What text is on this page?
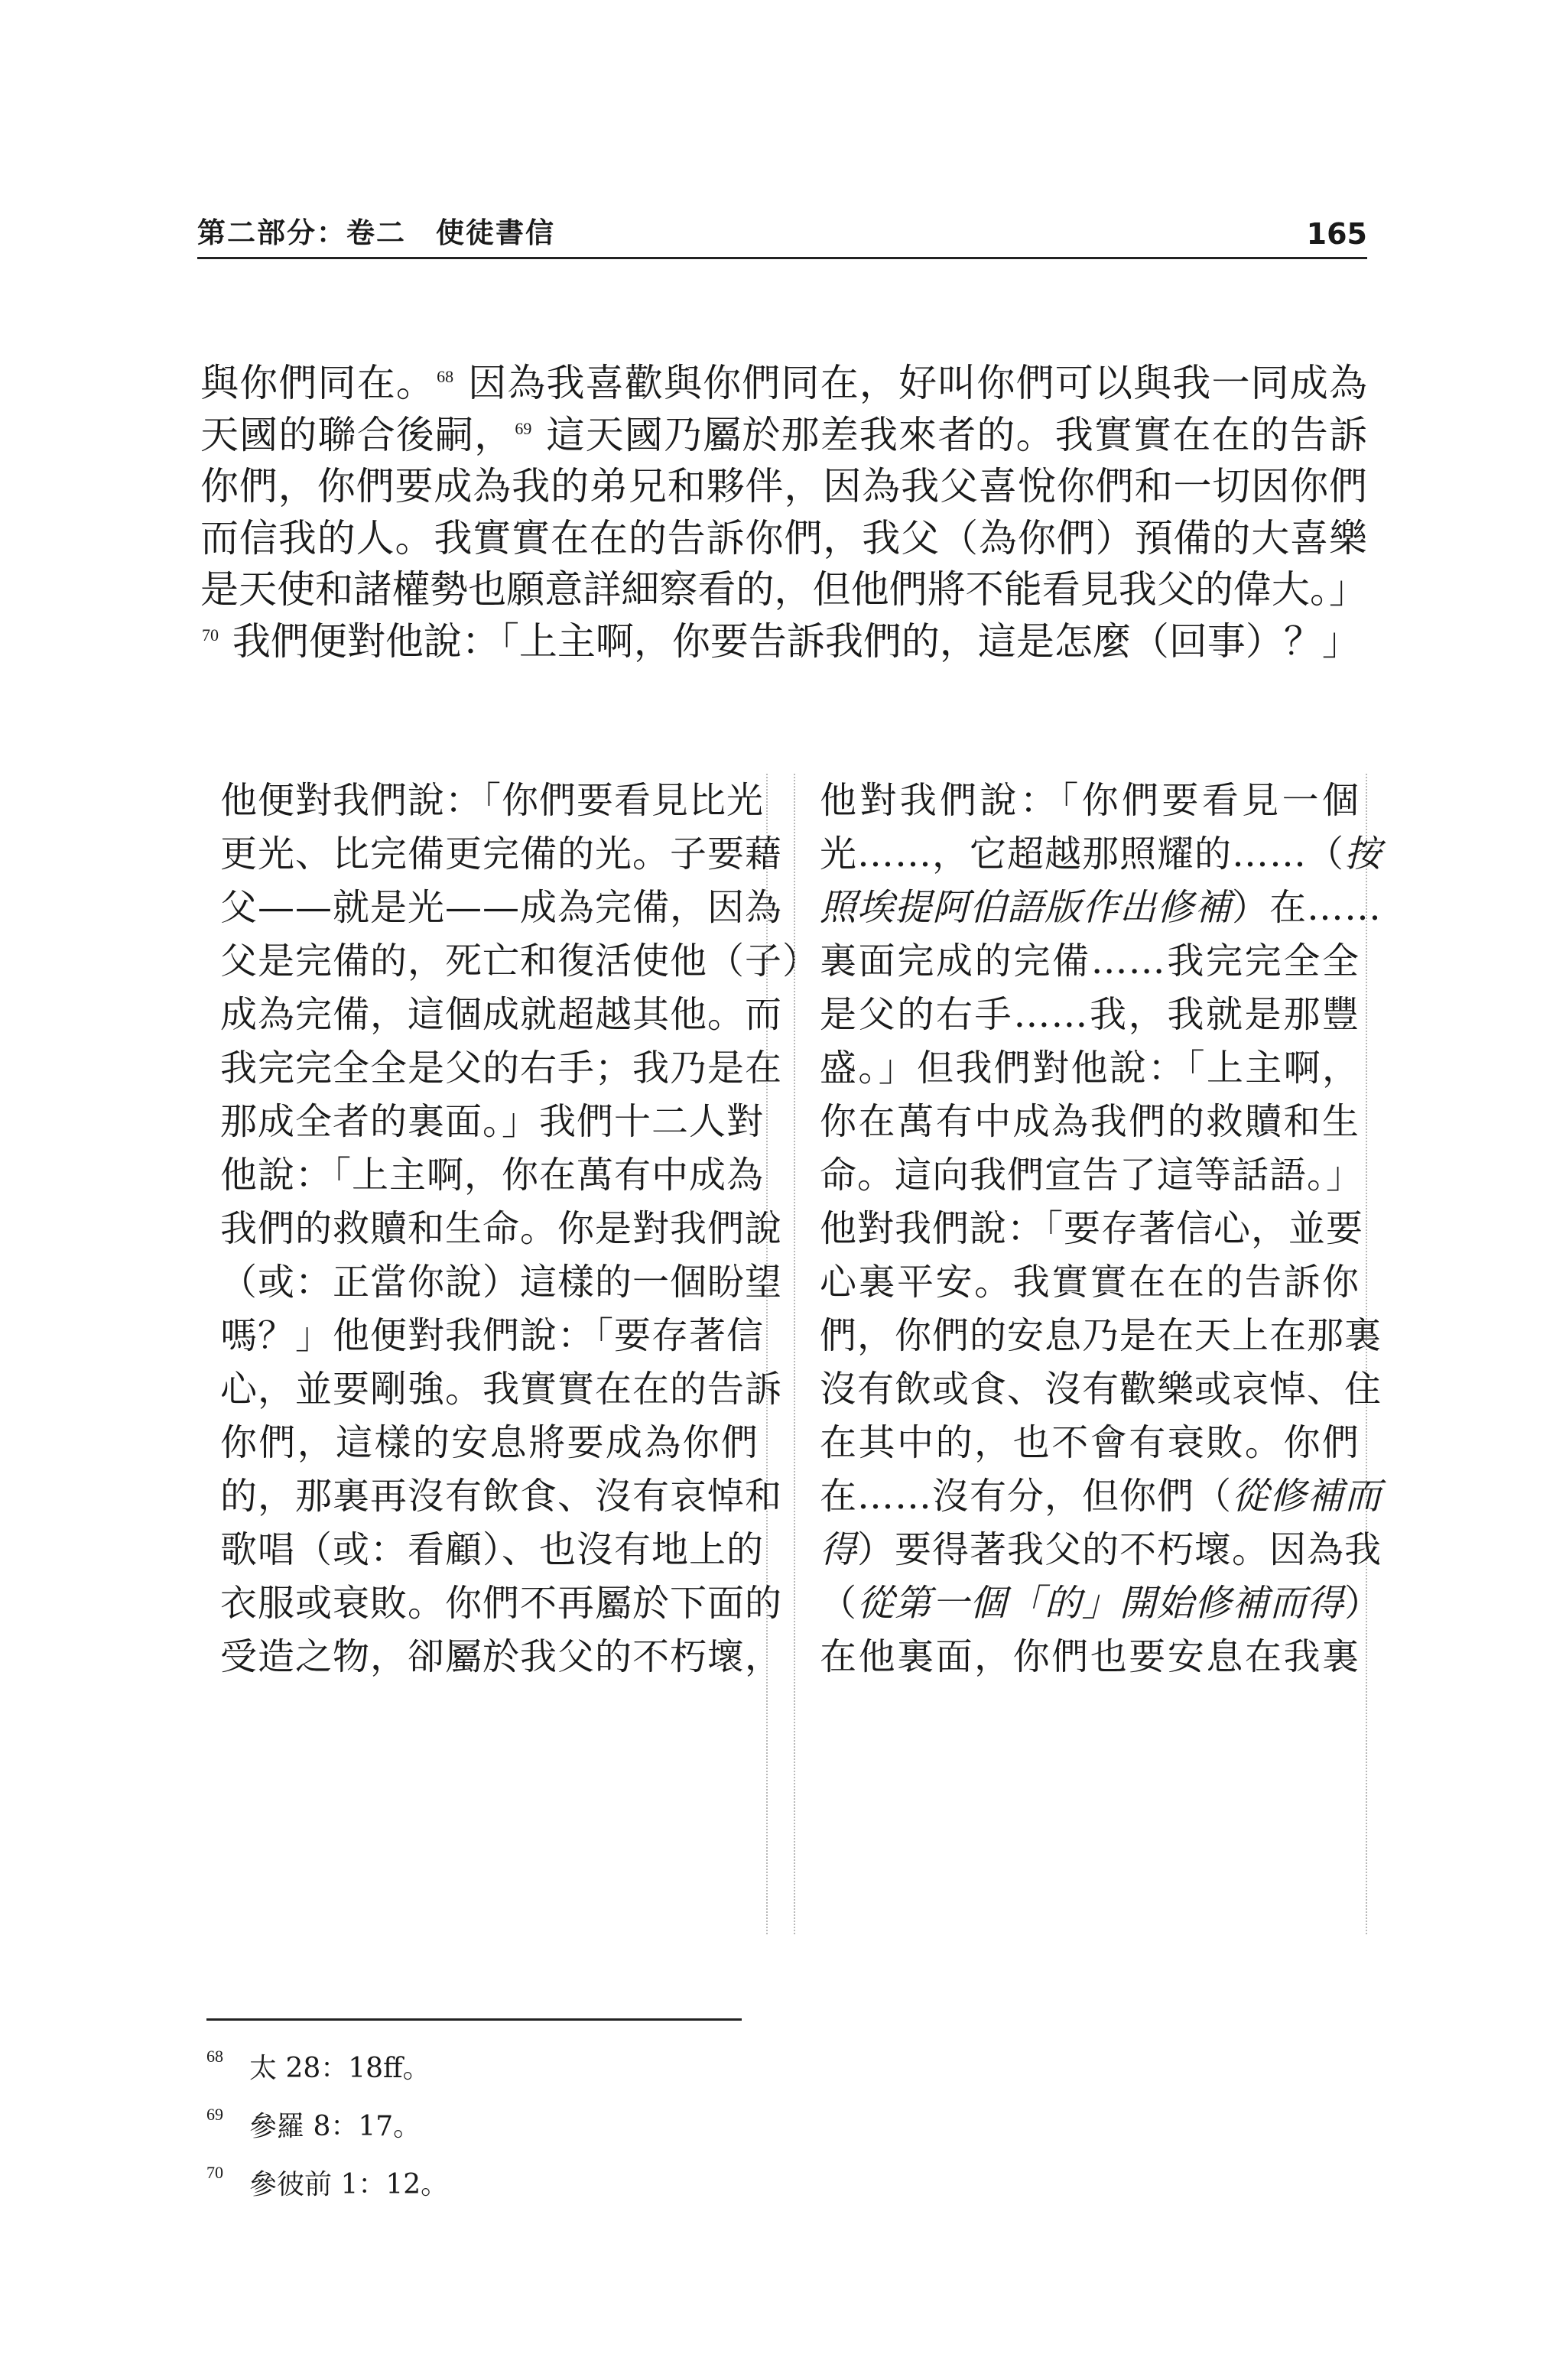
第二部分：卷二　使徒書信	165

與你們同在。$^{68}$ 因為我喜歡與你們同在，好叫你們可以與我一同成為天國的聯合後嗣，$^{69}$ 這天國乃屬於那差我來者的。我實實在在的告訴你們，你們要成為我的弟兄和夥伴，因為我父喜悅你們和一切因你們而信我的人。我實實在在的告訴你們，我父（為你們）預備的大喜樂是天使和諸權勢也願意詳細察看的，但他們將不能看見我父的偉大。」$^{70}$ 我們便對他說：「上主啊，你要告訴我們的，這是怎麼（回事）？」

他便對我們說：「你們要看見比光
更光、比完備更完備的光。子要藉
父——就是光——成為完備，因為
父是完備的，死亡和復活使他（子）
成為完備，這個成就超越其他。而
我完完全全是父的右手；我乃是在
那成全者的裏面。」我們十二人對
他說：「上主啊，你在萬有中成為
我們的救贖和生命。你是對我們說
（或：正當你說）這樣的一個盼望
嗎？」他便對我們說：「要存著信
心，並要剛強。我實實在在的告訴
你們，這樣的安息將要成為你們
的，那裏再沒有飲食、沒有哀悼和
歌唱（或：看顧）、也沒有地上的
衣服或衰敗。你們不再屬於下面的
受造之物，卻屬於我父的不朽壞，
他對我們說：「你們要看見一個
光……，它超越那照耀的……（按
照埃提阿伯語版作出修補）在……
裏面完成的完備……我完完全全
是父的右手……我，我就是那豐
盛。」但我們對他說：「上主啊，
你在萬有中成為我們的救贖和生
命。這向我們宣告了這等話語。」
他對我們說：「要存著信心，並要
心裏平安。我實實在在的告訴你
們，你們的安息乃是在天上在那裏
沒有飲或食、沒有歡樂或哀悼、住
在其中的，也不會有衰敗。你們
在……沒有分，但你們（從修補而
得）要得著我父的不朽壞。因為我
（從第一個「的」開始修補而得）
在他裏面，你們也要安息在我裏
68 太 28：18ff。
69 參羅 8：17。
70 參彼前 1：12。
